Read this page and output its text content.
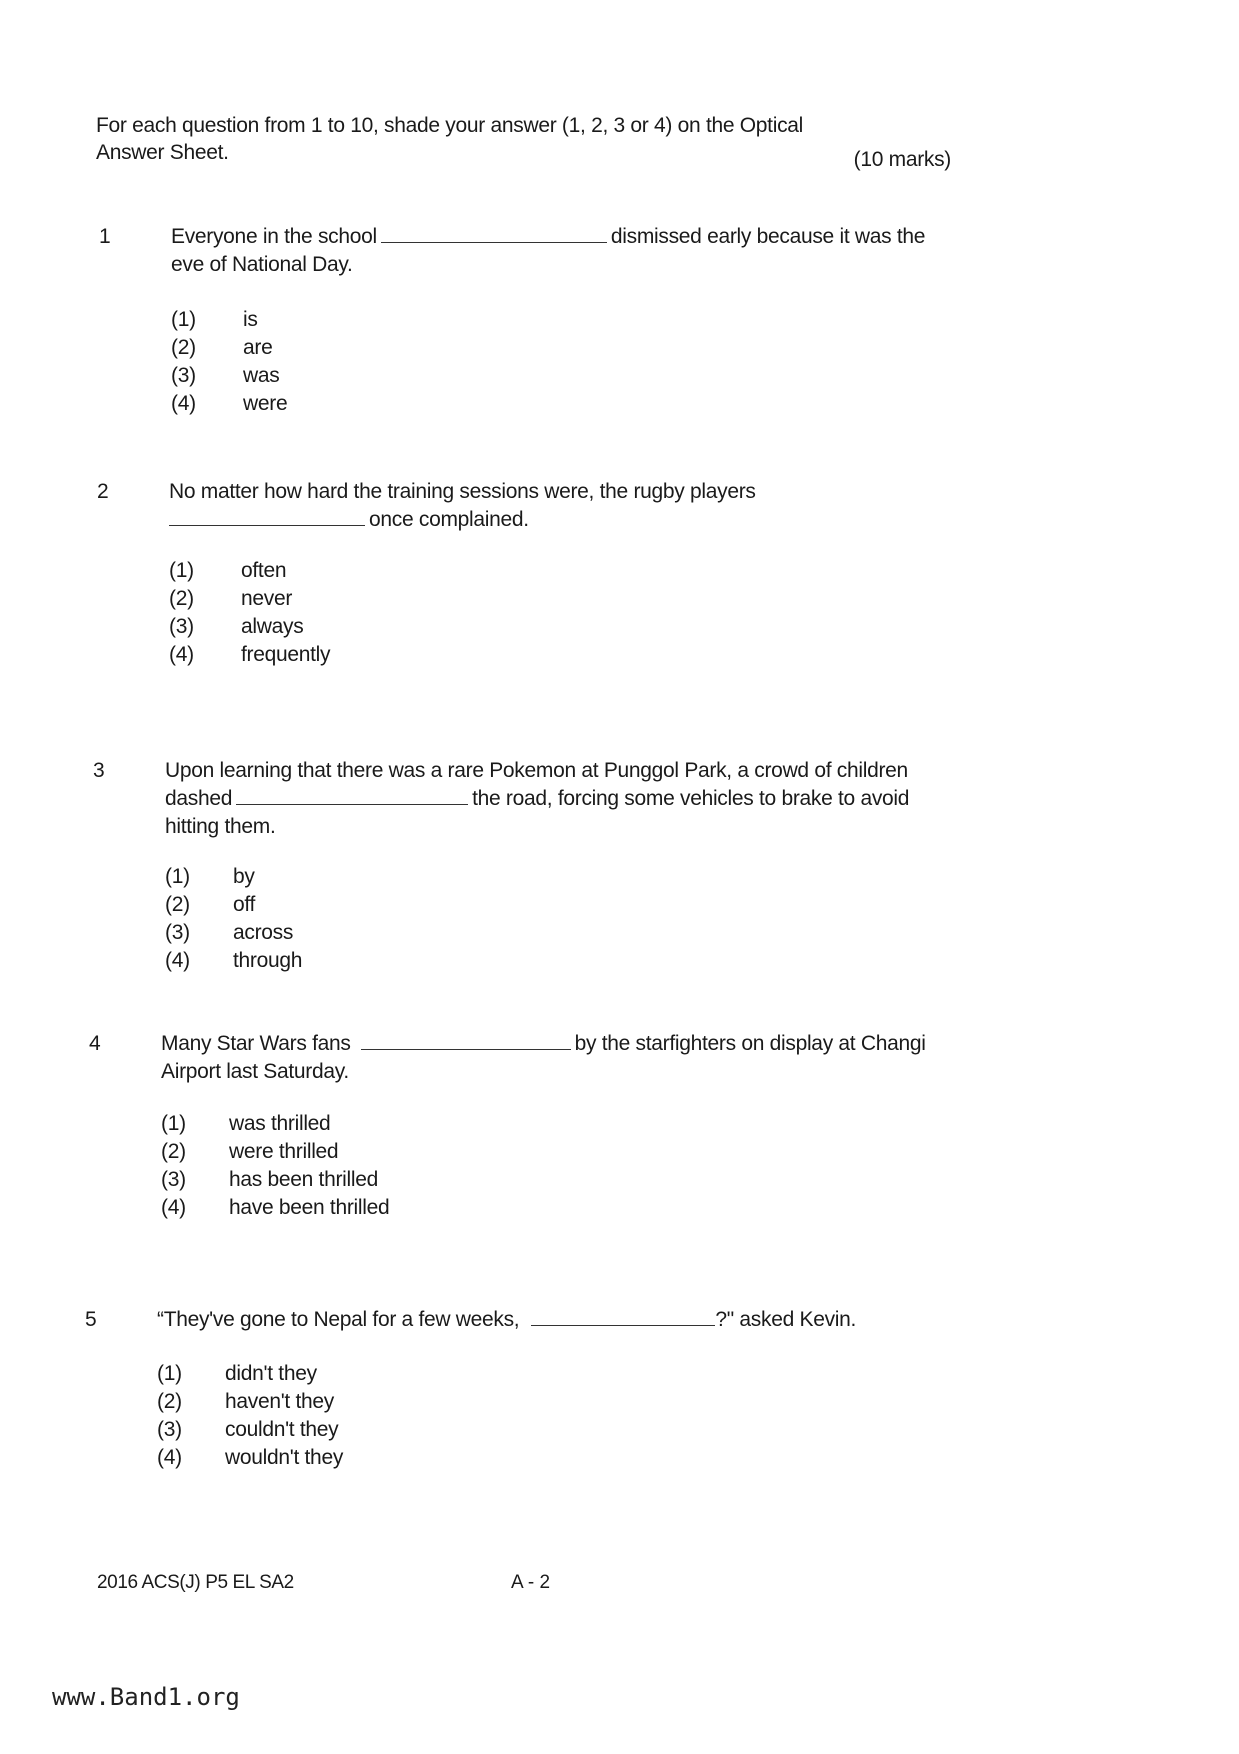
For each question from 1 to 10, shade your answer (1, 2, 3 or 4) on the Optical
Answer Sheet.	(10 marks)
1	Everyone in the school	dismissed early because it was the
eve of National Day.
(1) is
(2) are
(3) was
(4) were
2	No matter how hard the training sessions were, the rugby players
once complained.
(1) often
(2) never
(3) always
(4) frequently
3	Upon learning that there was a rare Pokemon at Punggol Park, a crowd of children
dashed	the road, forcing some vehicles to brake to avoid
hitting them.
(1) by
(2) off
(3) across
(4) through
4	Many Star Wars fans	by the starfighters on display at Changi
Airport last Saturday.
(1) was thrilled
(2) were thrilled
(3) has been thrilled
(4) have been thrilled
5	“They've gone to Nepal for a few weeks,	?" asked Kevin.
(1) didn't they
(2) haven't they
(3) couldn't they
(4) wouldn't they
2016 ACS(J) P5 EL SA2	A - 2
www.Band1.org
